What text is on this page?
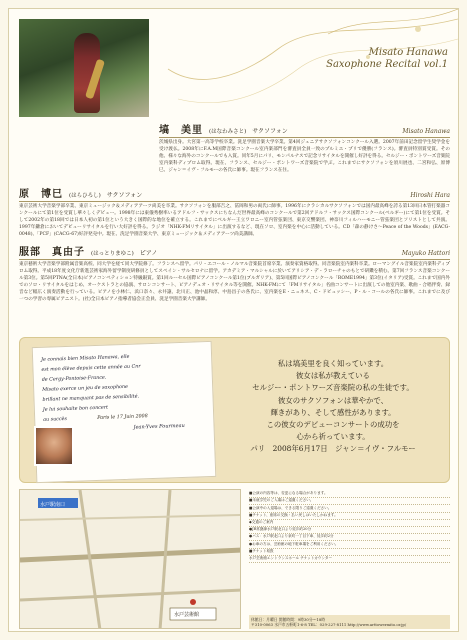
Misato Hanawa
Saxophone Recital vol.1
塙　美里 (はなわみさと) サクソフォン	Misato Hanawa

茨城県出身。大宮第一高等学校卒業。洗足学園音楽大学卒業。第4回ジュニアサクソフォンコンクール入選。2007年前田記念留学生奨学金を受け渡仏。2008年にF.A.M国際音楽コンクール室内楽部門を審査員全員一致のプルミエ・プリで優勝(フランス)。審査員特別賞受賞。その他、様々な海外のコンクールでも入賞。同年5月にパリ、モンパルナスで記念リサイタルを開催し好評を得る。セルジー・ポントワーズ音楽院室内楽科ディプロム取得。現在、フランス、セルジー・ポントワーズ音楽院で学ぶ。これまでにサクソフォンを須川展也、二宮和弘、原博巳、ジャン＝イヴ・フルモーの各氏に師事。現在フランス在住。

原　博巳 (はらひろし) サクソフォン	Hiroshi Hara

東京芸術大学音楽学部卒業、東京ミュージック＆メディアアーツ尚美を卒業。サクソフォンを服部吉之、冨岡和男の両氏に師事。1996年にクラシカルサクソフォンでは国内最高峰を誇る第13回日本管打楽器コンクールにて第1位を受賞し華々しくデビュー。1998年には東儀秀樹率いるアドルフ・サックスにちなんだ世界最高峰のコンクールで第2回アドルフ・サックス国際コンクール(ベルギー)にて第1位を受賞。そして2002年の第18回では日本人初の第1位という大きく国際的な地位を確立する。これまでにベルギー王立ワロニー室内管弦楽団、東京交響楽団、神奈川フィルハーモニー管弦楽団とソリストとして共演。1997年鎌倉においてデビューリサイタルを行い大好評を得る。ラジオ「NHK-FMリサイタル」に出演するなど、現在ソロ、室内楽を中心に活動している。CD「森の静けさ〜Peace of the Woods」(EACG-0048)、「PCF」(CACG-67)好評発売中。現在、洗足学園音楽大学、東京ミュージック＆メディアアーツ尚美講師。

服部　真由子 (はっとりまゆこ) ピアノ	Mayuko Hattori

東京藝術大学音楽学部附属音楽高校、同大学を経て同大学院修了。フランスへ留学。パリ・エコール・ノルマル音楽院首席卒業、演奏家資格取得。同音楽院室内楽科卒業。ローマングイル音楽院室内楽科ディプロム取得。平成18年度文化庁新進芸術家海外留学制度研修員としてスペイン・サルセロナに留学。アカデミア・マルシャルに於いてアリシア・デ・ラローチャのもとで研鑽を積む。第7回フランス音楽コンクール第3位。第5回PTNA(全日本)ピアノコンペティション特級銀賞。第1回ルーセル国際ピアノコンクール第1位(ブルガリア)、第5回国際ピアノコンクール「ROME1994」第3位(イタリア)受賞。これまで国内外でのソロ・リサイタルをはじめ、オーケストラとの協演、サロンコンサート、ピアノデュオ・リサイタル等を開催。NHK-FMにて「FMリサイタル」名曲コンサートに出演しての他室内楽、歌曲・合唱伴奏、録音など幅広く演奏活動を行っている。ピアノを小林仁、浜口奈々、永井譲、北川正、池中晶和淳、中島昌子の各氏に、室内楽をE・ニュネス、C・ドビュッシー、P・ル・コールの各氏に師事。これまでに及び一つの学習の専属ピアニスト。(社)全日本ピアノ指導者協会正会員、洗足学園音楽大学講師。

Je connais bien Misato Hanawa, elle
est mon élève depuis cette année au Cnr
de Cergy-Pontoise-France.
Misato exerce un jeu de saxophone
brillant ne manquant pas de sensibilité.
Je lui souhaite bon concert
au succès	Paris le 17 Juin 2008
Jean-Yves Fourmeau
私は塙美里を良く知っています。
彼女は私が教えている
セルジー・ポントワーズ音楽院の私の生徒です。
彼女のサクソフォンは華やかで、
輝きがあり、そして感性があります。
この彼女のデビューコンサートの成功を
心から祈っています。
パリ　2008年6月17日　ジャン＝イヴ・フルモー
水戸駅南口
水戸芸術館
■公演の内容等は、変更になる場合があります。
■未就学児のご入場はご遠慮ください。
■公演中の入退場は、できる限りご遠慮ください。
■チケット、座席の交換・払い戻しはいたしかねます。
◆交通のご案内
●JR常磐線水戸駅北口より徒歩約20分
●バス：水戸駅北口より泉町一丁目下車、徒歩約2分
●お車の方は、芸術館の地下駐車場をご利用ください。
■チケット取扱
水戸芸術館エントランスホール チケットカウンター
休館日：月曜日 開館時間：9時30分〜18時
〒310-0063 水戸市五軒町1-6-8 TEL：029-227-8111 http://www.arttowermito.or.jp/
